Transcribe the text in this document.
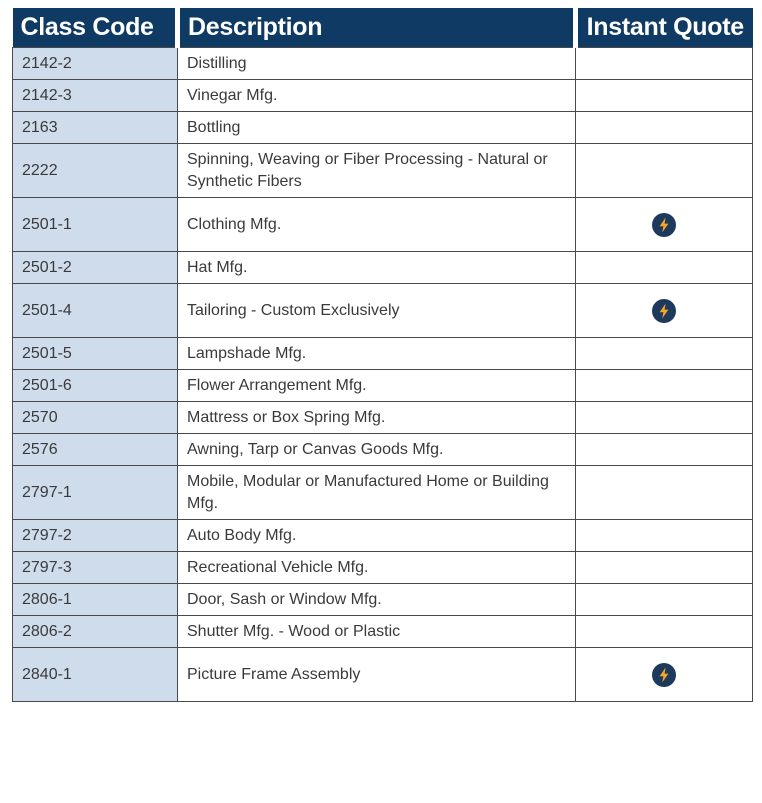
Class Code	Description	Instant Quote
2142-2	Distilling	
2142-3	Vinegar Mfg.	
2163	Bottling	
2222	Spinning, Weaving or Fiber Processing - Natural or Synthetic Fibers	
2501-1	Clothing Mfg.	
2501-2	Hat Mfg.	
2501-4	Tailoring - Custom Exclusively	
2501-5	Lampshade Mfg.	
2501-6	Flower Arrangement Mfg.	
2570	Mattress or Box Spring Mfg.	
2576	Awning, Tarp or Canvas Goods Mfg.	
2797-1	Mobile, Modular or Manufactured Home or Building Mfg.	
2797-2	Auto Body Mfg.	
2797-3	Recreational Vehicle Mfg.	
2806-1	Door, Sash or Window Mfg.	
2806-2	Shutter Mfg. - Wood or Plastic	
2840-1	Picture Frame Assembly	
